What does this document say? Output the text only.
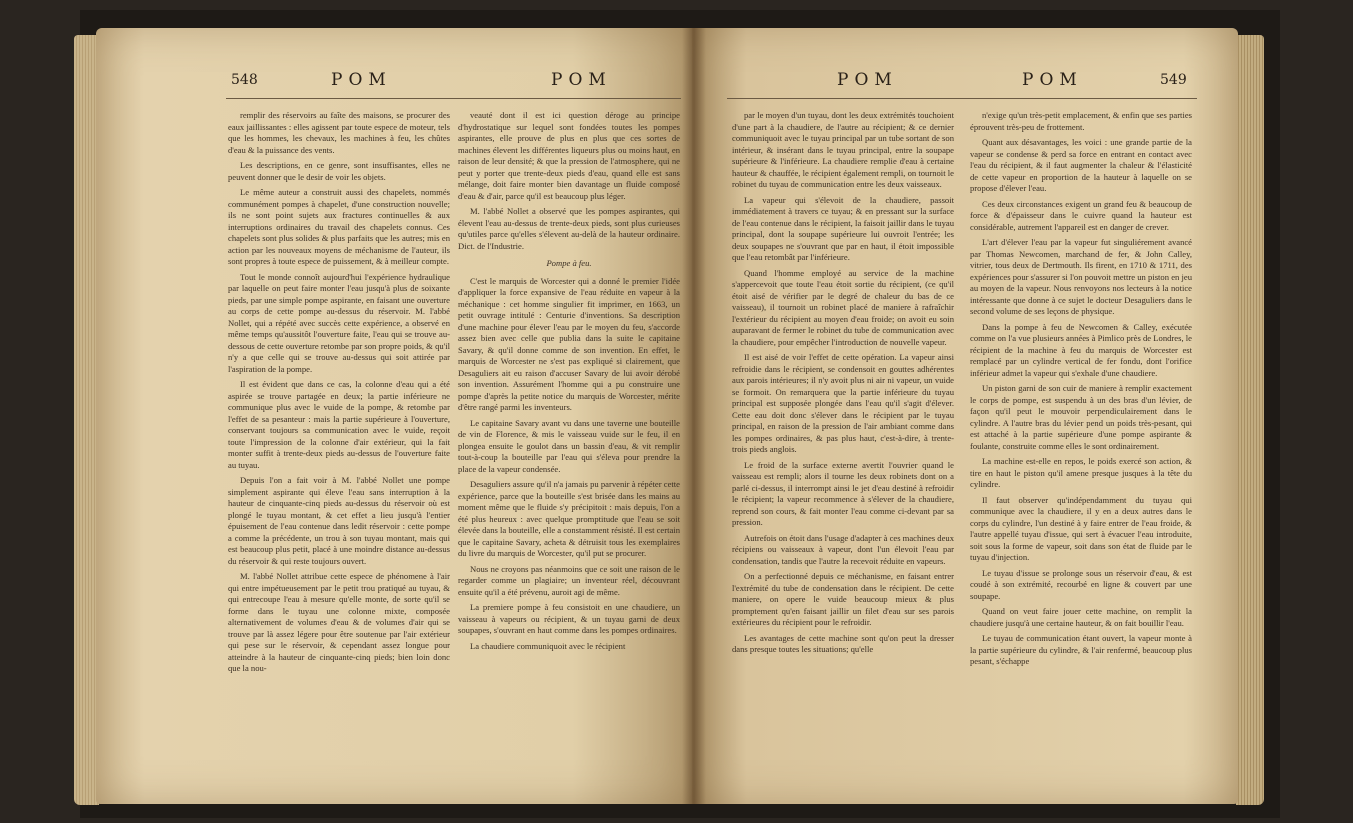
548	POM	POM

remplir des réservoirs au faîte des maisons, se procurer des eaux jaillissantes : elles agissent par toute espece de moteur, tels que les hommes, les chevaux, les machines à feu, les chûtes d'eau & la puissance des vents.

Les descriptions, en ce genre, sont insuffisantes, elles ne peuvent donner que le desir de voir les objets.

Le même auteur a construit aussi des chapelets, nommés communément pompes à chapelet, d'une construction nouvelle; ils ne sont point sujets aux fractures continuelles & aux interruptions ordinaires du travail des chapelets connus. Ces chapelets sont plus solides & plus parfaits que les autres; mis en action par les nouveaux moyens de méchanisme de l'auteur, ils sont propres à toute espece de puissement, & à meilleur compte.

Tout le monde connoît aujourd'hui l'expérience hydraulique par laquelle on peut faire monter l'eau jusqu'à plus de soixante pieds, par une simple pompe aspirante, en faisant une ouverture au corps de cette pompe au-dessus du réservoir. M. l'abbé Nollet, qui a répété avec succès cette expérience, a observé en même temps qu'aussitôt l'ouverture faite, l'eau qui se trouve au-dessous de cette ouverture retombe par son propre poids, & qu'il n'y a que celle qui se trouve au-dessus qui soit attirée par l'aspiration de la pompe.

Il est évident que dans ce cas, la colonne d'eau qui a été aspirée se trouve partagée en deux; la partie inférieure ne communique plus avec le vuide de la pompe, & retombe par l'effet de sa pesanteur : mais la partie supérieure à l'ouverture, conservant toujours sa communication avec le vuide, reçoit toute l'impression de la colonne d'air extérieur, qui la fait monter suffit à trente-deux pieds au-dessus de l'ouverture faite au tuyau.

Depuis l'on a fait voir à M. l'abbé Nollet une pompe simplement aspirante qui éleve l'eau sans interruption à la hauteur de cinquante-cinq pieds au-dessus du réservoir où est plongé le tuyau montant, & cet effet a lieu jusqu'à l'entier épuisement de l'eau contenue dans ledit réservoir : cette pompe a comme la précédente, un trou à son tuyau montant, mais qui est beaucoup plus petit, placé à une moindre distance au-dessus du réservoir & qui reste toujours ouvert.

M. l'abbé Nollet attribue cette espece de phénomene à l'air qui entre impétueusement par le petit trou pratiqué au tuyau, & qui entrecoupe l'eau à mesure qu'elle monte, de sorte qu'il se forme dans le tuyau une colonne mixte, composée alternativement de volumes d'eau & de volumes d'air qui se trouve par là assez légere pour être soutenue par l'air extérieur qui pese sur le réservoir, & cependant assez longue pour atteindre à la hauteur de cinquante-cinq pieds; bien loin donc que la nou-

veauté dont il est ici question déroge au principe d'hydrostatique sur lequel sont fondées toutes les pompes aspirantes, elle prouve de plus en plus que ces sortes de machines élevent les différentes liqueurs plus ou moins haut, en raison de leur densité; & que la pression de l'atmosphere, qui ne peut y porter que trente-deux pieds d'eau, quand elle est sans mélange, doit faire monter bien davantage un fluide composé d'eau & d'air, parce qu'il est beaucoup plus léger.

M. l'abbé Nollet a observé que les pompes aspirantes, qui élevent l'eau au-dessus de trente-deux pieds, sont plus curieuses qu'utiles parce qu'elles s'élevent au-delà de la hauteur ordinaire. Dict. de l'Industrie.

Pompe à feu.

C'est le marquis de Worcester qui a donné le premier l'idée d'appliquer la force expansive de l'eau réduite en vapeur à la méchanique : cet homme singulier fit imprimer, en 1663, un petit ouvrage intitulé : Centurie d'inventions. Sa description d'une machine pour élever l'eau par le moyen du feu, s'accorde assez bien avec celle que publia dans la suite le capitaine Savary, & qu'il donne comme de son invention. En effet, le marquis de Worcester ne s'est pas expliqué si clairement, que Desaguliers ait eu raison d'accuser Savary de lui avoir dérobé son invention. Assurément l'homme qui a pu construire une pompe d'après la petite notice du marquis de Worcester, mérite d'être rangé parmi les inventeurs.

Le capitaine Savary avant vu dans une taverne une bouteille de vin de Florence, & mis le vaisseau vuide sur le feu, il en plongea ensuite le goulot dans un bassin d'eau, & vit remplir tout-à-coup la bouteille par l'eau qui s'éleva pour prendre la place de la vapeur condensée.

Desaguliers assure qu'il n'a jamais pu parvenir à répéter cette expérience, parce que la bouteille s'est brisée dans les mains au moment même que le fluide s'y précipitoit : mais depuis, l'on a été plus heureux : avec quelque promptitude que l'eau se soit élevée dans la bouteille, elle a constamment résisté. Il est certain que le capitaine Savary, acheta & détruisit tous les exemplaires du livre du marquis de Worcester, qu'il put se procurer.

Nous ne croyons pas néanmoins que ce soit une raison de le regarder comme un plagiaire; un inventeur réel, découvrant ensuite qu'il a été prévenu, auroit agi de même.

La premiere pompe à feu consistoit en une chaudiere, un vaisseau à vapeurs ou récipient, & un tuyau garni de deux soupapes, s'ouvrant en haut comme dans les pompes ordinaires.

La chaudiere communiquoit avec le récipient

POM	POM	549

par le moyen d'un tuyau, dont les deux extrémités touchoient d'une part à la chaudiere, de l'autre au récipient; & ce dernier communiquoit avec le tuyau principal par un tube sortant de son intérieur, & insérant dans le tuyau principal, entre la soupape supérieure & l'inférieure. La chaudiere remplie d'eau à certaine hauteur & chauffée, le récipient également rempli, on tournoit le robinet du tuyau de communication entre les deux vaisseaux.

La vapeur qui s'élevoit de la chaudiere, passoit immédiatement à travers ce tuyau; & en pressant sur la surface de l'eau contenue dans le récipient, la faisoit jaillir dans le tuyau principal, dont la soupape supérieure lui ouvroit l'entrée; les deux soupapes ne s'ouvrant que par en haut, il étoit impossible que l'eau retombât par l'inférieure.

Quand l'homme employé au service de la machine s'appercevoit que toute l'eau étoit sortie du récipient, (ce qu'il étoit aisé de vérifier par le degré de chaleur du bas de ce vaisseau), il tournoit un robinet placé de maniere à rafraîchir l'extérieur du récipient au moyen d'eau froide; on avoit eu soin auparavant de fermer le robinet du tube de communication avec la chaudiere, pour empêcher l'introduction de nouvelle vapeur.

Il est aisé de voir l'effet de cette opération. La vapeur ainsi refroidie dans le récipient, se condensoit en gouttes adhérentes aux parois intérieures; il n'y avoit plus ni air ni vapeur, un vuide se formoit. On remarquera que la partie inférieure du tuyau principal est supposée plongée dans l'eau qu'il s'agit d'élever. Cette eau doit donc s'élever dans le récipient par le tuyau principal, en raison de la pression de l'air ambiant comme dans les pompes ordinaires, & pas plus haut, c'est-à-dire, à trente-trois pieds anglois.

Le froid de la surface externe avertit l'ouvrier quand le vaisseau est rempli; alors il tourne les deux robinets dont on a parlé ci-dessus, il interrompt ainsi le jet d'eau destiné à refroidir le récipient; la vapeur recommence à s'élever de la chaudiere, reprend son cours, & fait monter l'eau comme ci-devant par sa pression.

Autrefois on étoit dans l'usage d'adapter à ces machines deux récipiens ou vaisseaux à vapeur, dont l'un élevoit l'eau par condensation, tandis que l'autre la recevoit réduite en vapeurs.

On a perfectionné depuis ce méchanisme, en faisant entrer l'extrémité du tube de condensation dans le récipient. De cette maniere, on opere le vuide beaucoup mieux & plus promptement qu'en faisant jaillir un filet d'eau sur ses parois extérieures du récipient pour le refroidir.

Les avantages de cette machine sont qu'on peut la dresser dans presque toutes les situations; qu'elle

n'exige qu'un très-petit emplacement, & enfin que ses parties éprouvent très-peu de frottement.

Quant aux désavantages, les voici : une grande partie de la vapeur se condense & perd sa force en entrant en contact avec l'eau du récipient, & il faut augmenter la chaleur & l'élasticité de cette vapeur en proportion de la hauteur à laquelle on se propose d'élever l'eau.

Ces deux circonstances exigent un grand feu & beaucoup de force & d'épaisseur dans le cuivre quand la hauteur est considérable, autrement l'appareil est en danger de crever.

L'art d'élever l'eau par la vapeur fut singuliérement avancé par Thomas Newcomen, marchand de fer, & John Calley, vitrier, tous deux de Dertmouth. Ils firent, en 1710 & 1711, des expériences pour s'assurer si l'on pouvoit mettre un piston en jeu au moyen de la vapeur. Nous renvoyons nos lecteurs à la notice intéressante que donne à ce sujet le docteur Desaguliers dans le second volume de ses leçons de physique.

Dans la pompe à feu de Newcomen & Calley, exécutée comme on l'a vue plusieurs années à Pimlico près de Londres, le récipient de la machine à feu du marquis de Worcester est remplacé par un cylindre vertical de fer fondu, dont l'orifice inférieur admet la vapeur qui s'exhale d'une chaudiere.

Un piston garni de son cuir de maniere à remplir exactement le corps de pompe, est suspendu à un des bras d'un lévier, de façon qu'il peut le mouvoir perpendiculairement dans le cylindre. A l'autre bras du lévier pend un poids très-pesant, qui est attaché à la partie supérieure d'une pompe aspirante & foulante, construite comme elles le sont ordinairement.

La machine est-elle en repos, le poids exercé son action, & tire en haut le piston qu'il amene presque jusques à la tête du cylindre.

Il faut observer qu'indépendamment du tuyau qui communique avec la chaudiere, il y en a deux autres dans le corps du cylindre, l'un destiné à y faire entrer de l'eau froide, & l'autre appellé tuyau d'issue, qui sert à évacuer l'eau introduite, soit sous la forme de vapeur, soit dans son état de fluide par le tuyau d'injection.

Le tuyau d'issue se prolonge sous un réservoir d'eau, & est coudé à son extrémité, recourbé en ligne & couvert par une soupape.

Quand on veut faire jouer cette machine, on remplit la chaudiere jusqu'à une certaine hauteur, & on fait bouillir l'eau.

Le tuyau de communication étant ouvert, la vapeur monte à la partie supérieure du cylindre, & l'air renfermé, beaucoup plus pesant, s'échappe
